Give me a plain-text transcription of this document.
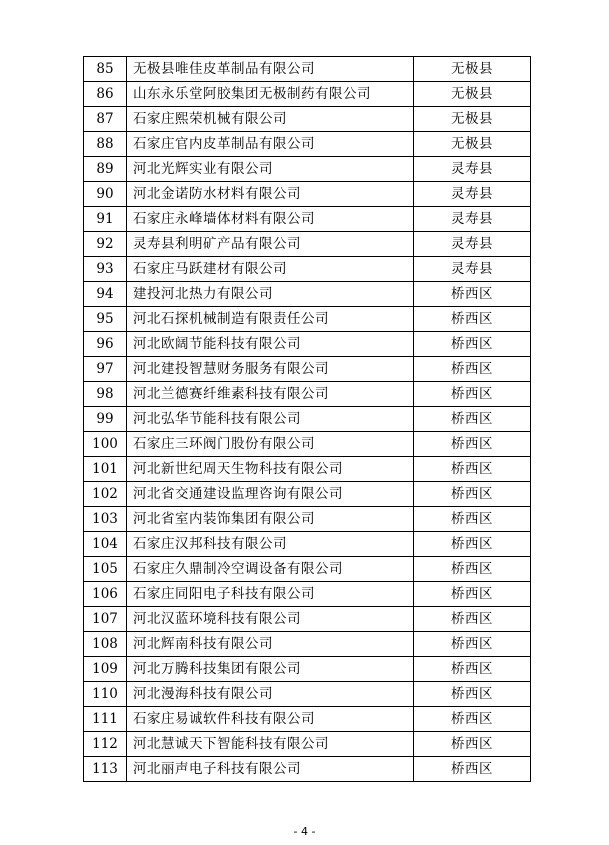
85	无极县唯佳皮革制品有限公司	无极县
86	山东永乐堂阿胶集团无极制药有限公司	无极县
87	石家庄熙荣机械有限公司	无极县
88	石家庄官内皮革制品有限公司	无极县
89	河北光辉实业有限公司	灵寿县
90	河北金诺防水材料有限公司	灵寿县
91	石家庄永峰墙体材料有限公司	灵寿县
92	灵寿县利明矿产品有限公司	灵寿县
93	石家庄马跃建材有限公司	灵寿县
94	建投河北热力有限公司	桥西区
95	河北石探机械制造有限责任公司	桥西区
96	河北欧阔节能科技有限公司	桥西区
97	河北建投智慧财务服务有限公司	桥西区
98	河北兰德赛纤维素科技有限公司	桥西区
99	河北弘华节能科技有限公司	桥西区
100	石家庄三环阀门股份有限公司	桥西区
101	河北新世纪周天生物科技有限公司	桥西区
102	河北省交通建设监理咨询有限公司	桥西区
103	河北省室内装饰集团有限公司	桥西区
104	石家庄汉邦科技有限公司	桥西区
105	石家庄久鼎制冷空调设备有限公司	桥西区
106	石家庄同阳电子科技有限公司	桥西区
107	河北汉蓝环境科技有限公司	桥西区
108	河北辉南科技有限公司	桥西区
109	河北万腾科技集团有限公司	桥西区
110	河北漫海科技有限公司	桥西区
111	石家庄易诚软件科技有限公司	桥西区
112	河北慧诚天下智能科技有限公司	桥西区
113	河北丽声电子科技有限公司	桥西区
- 4 -
